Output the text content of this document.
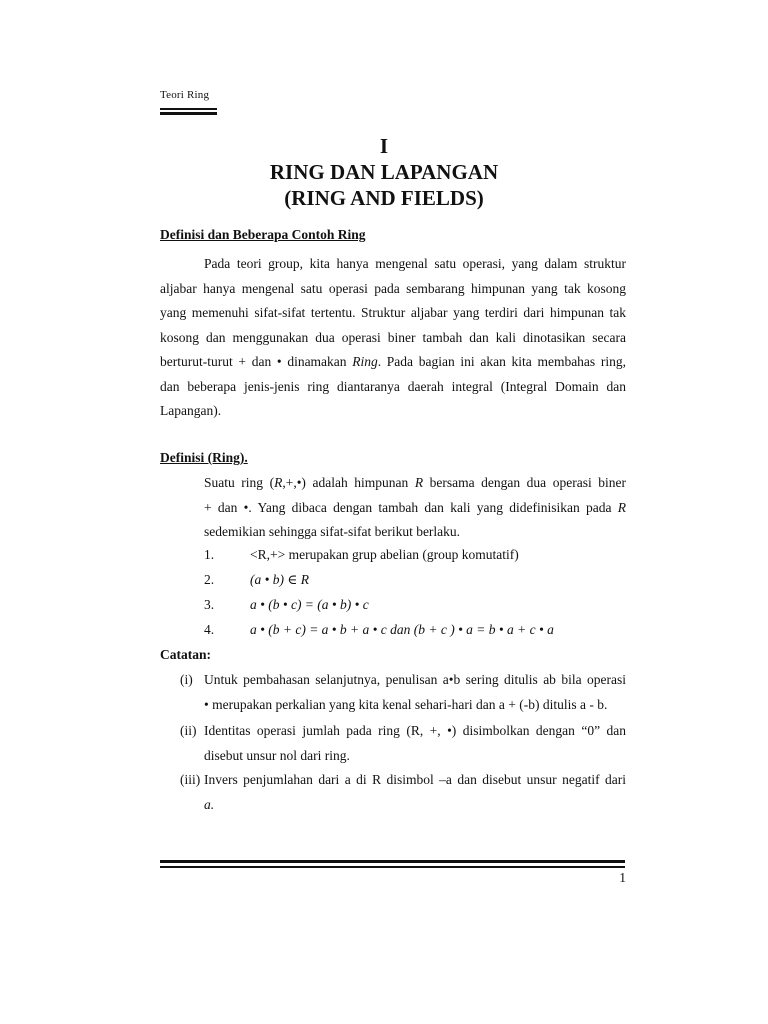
Teori Ring
I
RING DAN LAPANGAN
(RING AND FIELDS)
Definisi dan Beberapa Contoh Ring
Pada teori group, kita hanya mengenal satu operasi, yang dalam struktur
aljabar hanya mengenal satu operasi pada sembarang himpunan yang tak kosong
yang memenuhi sifat-sifat tertentu. Struktur aljabar yang terdiri dari himpunan tak
kosong dan menggunakan dua operasi biner tambah dan kali dinotasikan secara
berturut-turut + dan • dinamakan Ring. Pada bagian ini akan kita membahas ring,
dan beberapa jenis-jenis ring diantaranya daerah integral (Integral Domain dan
Lapangan).
Definisi (Ring).
Suatu ring (R,+,•) adalah himpunan R bersama dengan dua operasi biner
+ dan •. Yang dibaca dengan tambah dan kali yang didefinisikan pada R
sedemikian sehingga sifat-sifat berikut berlaku.
1.	<R,+> merupakan grup abelian (group komutatif)
2.	(a • b) ∈ R
3.	a • (b • c) = (a • b) • c
4.	a • (b + c) = a • b + a • c dan (b + c ) • a = b • a + c • a
Catatan:
(i) Untuk pembahasan selanjutnya, penulisan a•b sering ditulis ab bila operasi
• merupakan perkalian yang kita kenal sehari-hari dan a + (-b) ditulis a - b.
(ii) Identitas operasi jumlah pada ring (R, +, •) disimbolkan dengan “0” dan
disebut unsur nol dari ring.
(iii) Invers penjumlahan dari a di R disimbol –a dan disebut unsur negatif dari
a.
1
